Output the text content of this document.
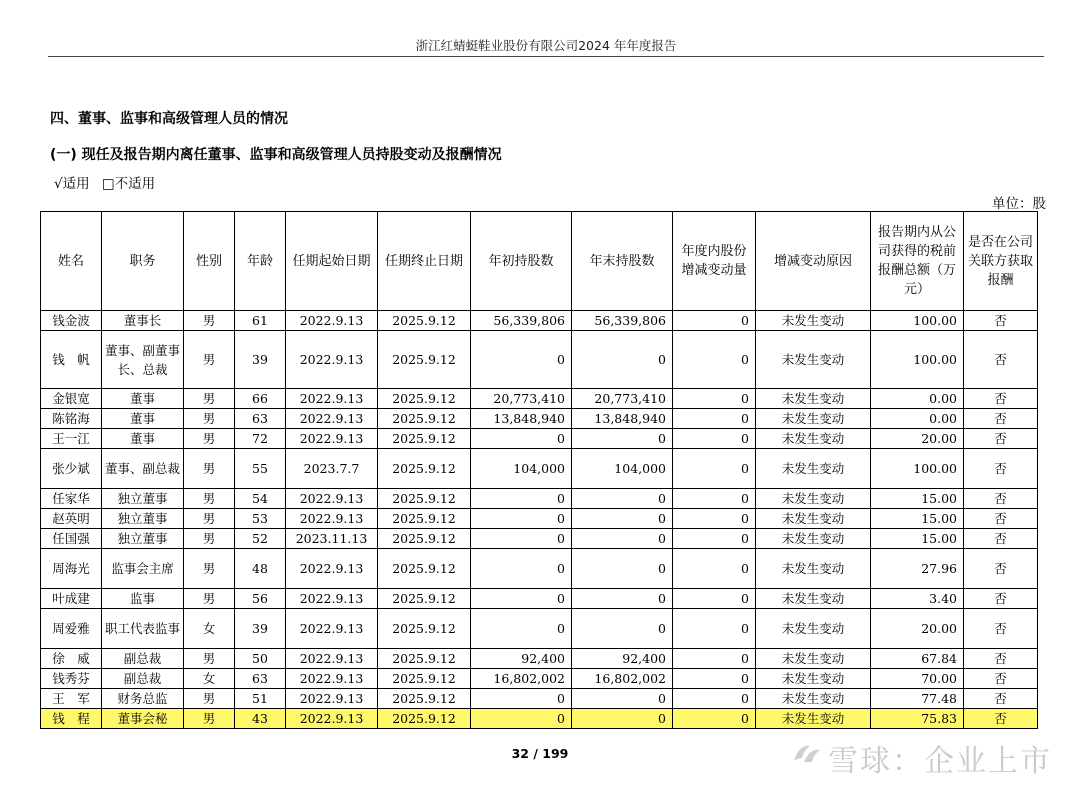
浙江红蜻蜓鞋业股份有限公司2024 年年度报告
四、董事、监事和高级管理人员的情况
(一) 现任及报告期内离任董事、监事和高级管理人员持股变动及报酬情况
√适用 □不适用
单位：股
姓名	职务	性别	年龄	任期起始日期	任期终止日期	年初持股数	年末持股数	年度内股份增减变动量	增减变动原因	报告期内从公司获得的税前报酬总额（万元）	是否在公司关联方获取报酬
钱金波	董事长	男	61	2022.9.13	2025.9.12	56,339,806	56,339,806	0	未发生变动	100.00	否
钱　帆	董事、副董事长、总裁	男	39	2022.9.13	2025.9.12	0	0	0	未发生变动	100.00	否
金银宽	董事	男	66	2022.9.13	2025.9.12	20,773,410	20,773,410	0	未发生变动	0.00	否
陈铭海	董事	男	63	2022.9.13	2025.9.12	13,848,940	13,848,940	0	未发生变动	0.00	否
王一江	董事	男	72	2022.9.13	2025.9.12	0	0	0	未发生变动	20.00	否
张少斌	董事、副总裁	男	55	2023.7.7	2025.9.12	104,000	104,000	0	未发生变动	100.00	否
任家华	独立董事	男	54	2022.9.13	2025.9.12	0	0	0	未发生变动	15.00	否
赵英明	独立董事	男	53	2022.9.13	2025.9.12	0	0	0	未发生变动	15.00	否
任国强	独立董事	男	52	2023.11.13	2025.9.12	0	0	0	未发生变动	15.00	否
周海光	监事会主席	男	48	2022.9.13	2025.9.12	0	0	0	未发生变动	27.96	否
叶成建	监事	男	56	2022.9.13	2025.9.12	0	0	0	未发生变动	3.40	否
周爱雅	职工代表监事	女	39	2022.9.13	2025.9.12	0	0	0	未发生变动	20.00	否
徐　威	副总裁	男	50	2022.9.13	2025.9.12	92,400	92,400	0	未发生变动	67.84	否
钱秀芬	副总裁	女	63	2022.9.13	2025.9.12	16,802,002	16,802,002	0	未发生变动	70.00	否
王　军	财务总监	男	51	2022.9.13	2025.9.12	0	0	0	未发生变动	77.48	否
钱　程	董事会秘	男	43	2022.9.13	2025.9.12	0	0	0	未发生变动	75.83	否
32 / 199	雪球：企业上市
